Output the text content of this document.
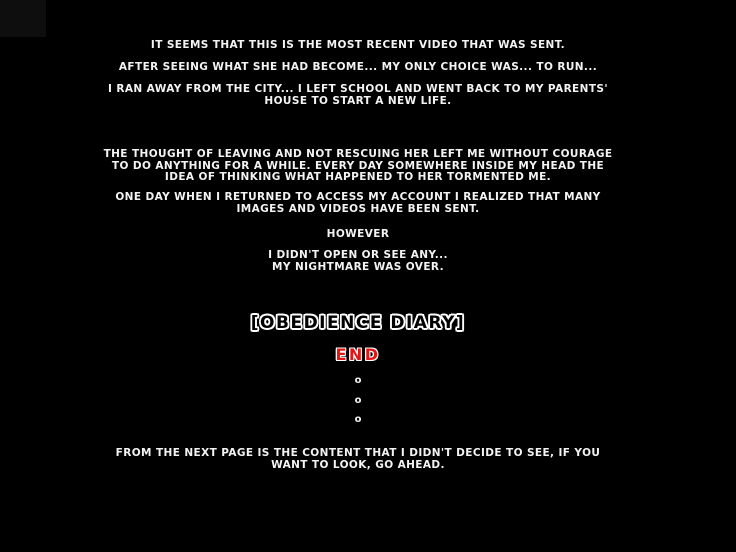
IT SEEMS THAT THIS IS THE MOST RECENT VIDEO THAT WAS SENT.
AFTER SEEING WHAT SHE HAD BECOME... MY ONLY CHOICE WAS... TO RUN...
I RAN AWAY FROM THE CITY... I LEFT SCHOOL AND WENT BACK TO MY PARENTS'
HOUSE TO START A NEW LIFE.
THE THOUGHT OF LEAVING AND NOT RESCUING HER LEFT ME WITHOUT COURAGE
TO DO ANYTHING FOR A WHILE. EVERY DAY SOMEWHERE INSIDE MY HEAD THE
IDEA OF THINKING WHAT HAPPENED TO HER TORMENTED ME.
ONE DAY WHEN I RETURNED TO ACCESS MY ACCOUNT I REALIZED THAT MANY
IMAGES AND VIDEOS HAVE BEEN SENT.
HOWEVER
I DIDN'T OPEN OR SEE ANY...
MY NIGHTMARE WAS OVER.
[OBEDIENCE DIARY]
END
o
o
o
FROM THE NEXT PAGE IS THE CONTENT THAT I DIDN'T DECIDE TO SEE, IF YOU
WANT TO LOOK, GO AHEAD.
